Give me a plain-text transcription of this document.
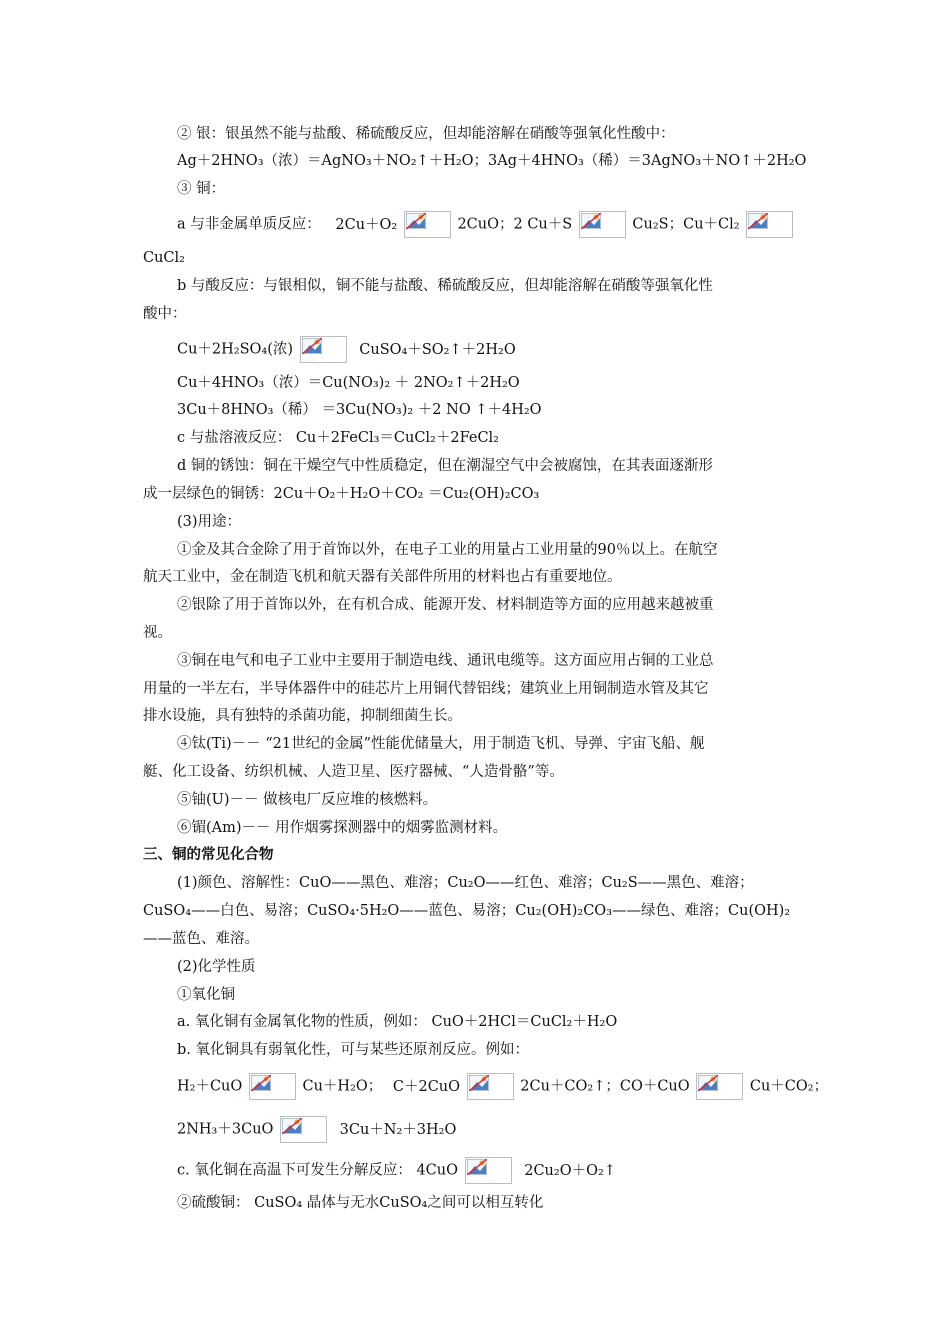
② 银：银虽然不能与盐酸、稀硫酸反应，但却能溶解在硝酸等强氧化性酸中：
Ag＋2HNO₃（浓）＝AgNO₃＋NO₂↑＋H₂O；3Ag＋4HNO₃（稀）＝3AgNO₃＋NO↑＋2H₂O
③ 铜：
a 与非金属单质反应： 2Cu＋O₂	2CuO；2 Cu＋S	Cu₂S；Cu＋Cl₂
CuCl₂
b 与酸反应：与银相似，铜不能与盐酸、稀硫酸反应，但却能溶解在硝酸等强氧化性
酸中：
Cu＋2H₂SO₄(浓)	CuSO₄＋SO₂↑＋2H₂O
Cu＋4HNO₃（浓）＝Cu(NO₃)₂ ＋ 2NO₂↑＋2H₂O
3Cu＋8HNO₃（稀） ＝3Cu(NO₃)₂ ＋2 NO ↑＋4H₂O
c 与盐溶液反应： Cu＋2FeCl₃＝CuCl₂＋2FeCl₂
d 铜的锈蚀：铜在干燥空气中性质稳定，但在潮湿空气中会被腐蚀，在其表面逐渐形
成一层绿色的铜锈：2Cu＋O₂＋H₂O＋CO₂ ＝Cu₂(OH)₂CO₃
(3)用途：
①金及其合金除了用于首饰以外，在电子工业的用量占工业用量的90％以上。在航空
航天工业中，金在制造飞机和航天器有关部件所用的材料也占有重要地位。
②银除了用于首饰以外，在有机合成、能源开发、材料制造等方面的应用越来越被重
视。
③铜在电气和电子工业中主要用于制造电线、通讯电缆等。这方面应用占铜的工业总
用量的一半左右，半导体器件中的硅芯片上用铜代替铝线；建筑业上用铜制造水管及其它
排水设施，具有独特的杀菌功能，抑制细菌生长。
④钛(Ti)－－ “21世纪的金属”性能优储量大，用于制造飞机、导弹、宇宙飞船、舰
艇、化工设备、纺织机械、人造卫星、医疗器械、“人造骨骼”等。
⑤铀(U)－－ 做核电厂反应堆的核燃料。
⑥镅(Am)－－ 用作烟雾探测器中的烟雾监测材料。
三、铜的常见化合物
(1)颜色、溶解性：CuO——黑色、难溶；Cu₂O——红色、难溶；Cu₂S——黑色、难溶；
CuSO₄——白色、易溶；CuSO₄·5H₂O——蓝色、易溶；Cu₂(OH)₂CO₃——绿色、难溶；Cu(OH)₂
——蓝色、难溶。
(2)化学性质
①氧化铜
a. 氧化铜有金属氧化物的性质，例如： CuO＋2HCl＝CuCl₂＋H₂O
b. 氧化铜具有弱氧化性，可与某些还原剂反应。例如：
H₂＋CuO	Cu＋H₂O； C＋2CuO	2Cu＋CO₂↑；CO＋CuO	Cu＋CO₂；
2NH₃＋3CuO	3Cu＋N₂＋3H₂O
c. 氧化铜在高温下可发生分解反应： 4CuO	2Cu₂O＋O₂↑
②硫酸铜： CuSO₄ 晶体与无水CuSO₄之间可以相互转化
